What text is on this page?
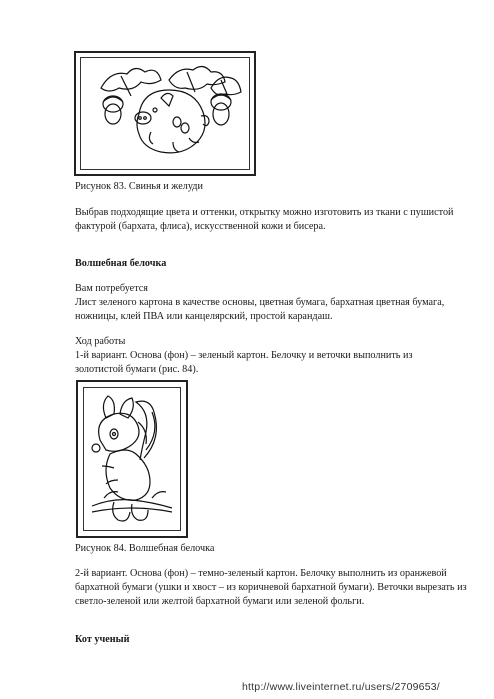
Рисунок 83. Свинья и желуди
Выбрав подходящие цвета и оттенки, открытку можно изготовить из ткани с пушистой
фактурой (бархата, флиса), искусственной кожи и бисера.
Волшебная белочка
Вам потребуется
Лист зеленого картона в качестве основы, цветная бумага, бархатная цветная бумага,
ножницы, клей ПВА или канцелярский, простой карандаш.
Ход работы
1-й вариант. Основа (фон) – зеленый картон. Белочку и веточки выполнить из
золотистой бумаги (рис. 84).
Рисунок 84. Волшебная белочка
2-й вариант. Основа (фон) – темно-зеленый картон. Белочку выполнить из оранжевой
бархатной бумаги (ушки и хвост – из коричневой бархатной бумаги). Веточки вырезать из
светло-зеленой или желтой бархатной бумаги или зеленой фольги.
Кот ученый
http://www.liveinternet.ru/users/2709653/
